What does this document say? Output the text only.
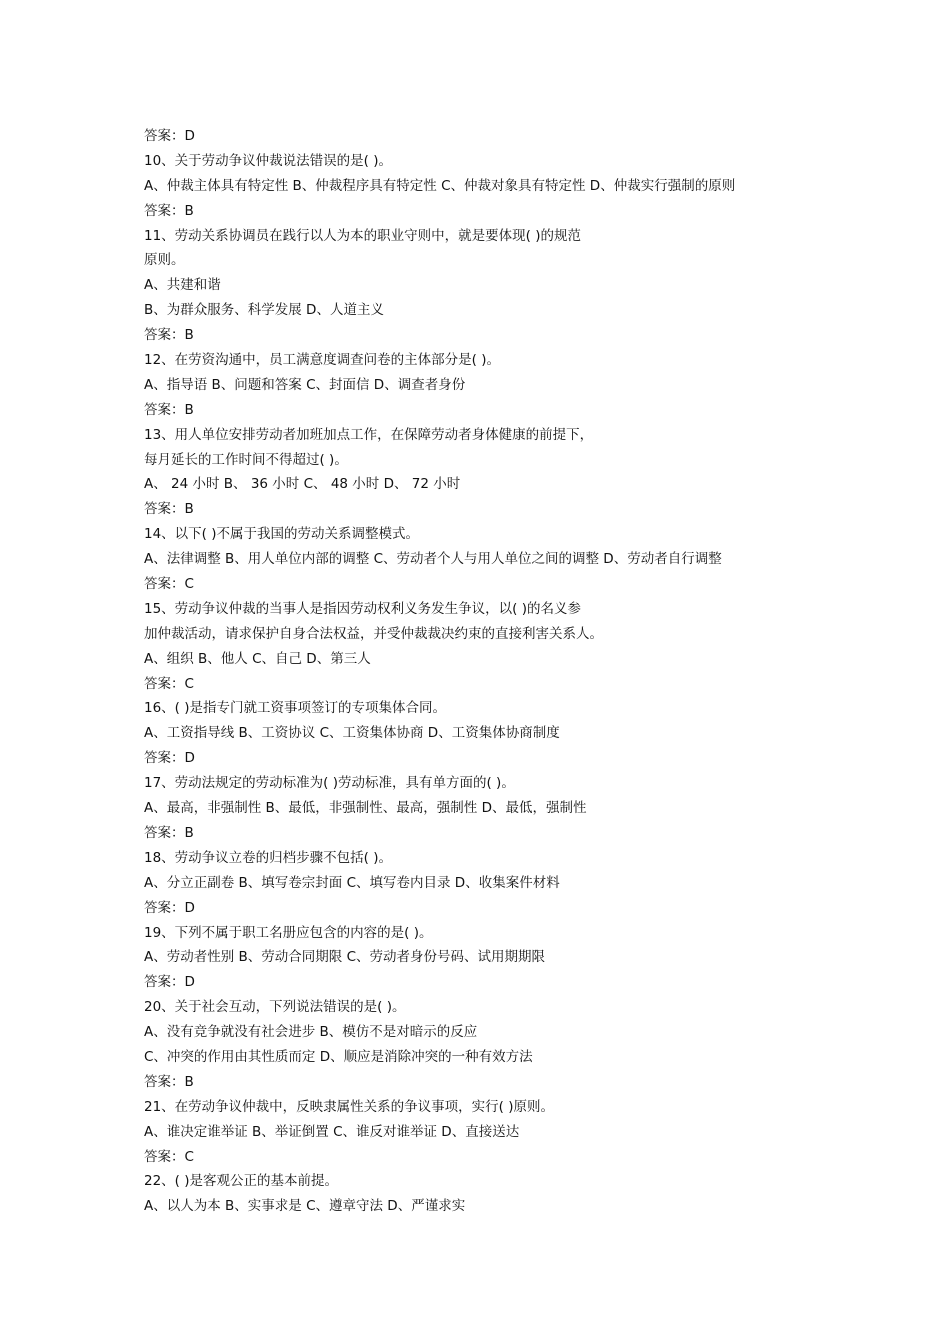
答案：D
10、关于劳动争议仲裁说法错误的是( )。
A、仲裁主体具有特定性 B、仲裁程序具有特定性 C、仲裁对象具有特定性 D、仲裁实行强制的原则
答案：B
11、劳动关系协调员在践行以人为本的职业守则中，就是要体现( )的规范
原则。
A、共建和谐
B、为群众服务、科学发展 D、人道主义
答案：B
12、在劳资沟通中，员工满意度调查问卷的主体部分是( )。
A、指导语 B、问题和答案 C、封面信 D、调查者身份
答案：B
13、用人单位安排劳动者加班加点工作，在保障劳动者身体健康的前提下，
每月延长的工作时间不得超过( )。
A、 24 小时 B、 36 小时 C、 48 小时 D、 72 小时
答案：B
14、以下( )不属于我国的劳动关系调整模式。
A、法律调整 B、用人单位内部的调整 C、劳动者个人与用人单位之间的调整 D、劳动者自行调整
答案：C
15、劳动争议仲裁的当事人是指因劳动权利义务发生争议，以( )的名义参
加仲裁活动，请求保护自身合法权益，并受仲裁裁决约束的直接利害关系人。
A、组织 B、他人 C、自己 D、第三人
答案：C
16、( )是指专门就工资事项签订的专项集体合同。
A、工资指导线 B、工资协议 C、工资集体协商 D、工资集体协商制度
答案：D
17、劳动法规定的劳动标准为( )劳动标准，具有单方面的( )。
A、最高，非强制性 B、最低，非强制性、最高，强制性 D、最低，强制性
答案：B
18、劳动争议立卷的归档步骤不包括( )。
A、分立正副卷 B、填写卷宗封面 C、填写卷内目录 D、收集案件材料
答案：D
19、下列不属于职工名册应包含的内容的是( )。
A、劳动者性别 B、劳动合同期限 C、劳动者身份号码、试用期期限
答案：D
20、关于社会互动，下列说法错误的是( )。
A、没有竞争就没有社会进步 B、模仿不是对暗示的反应
C、冲突的作用由其性质而定 D、顺应是消除冲突的一种有效方法
答案：B
21、在劳动争议仲裁中，反映隶属性关系的争议事项，实行( )原则。
A、谁决定谁举证 B、举证倒置 C、谁反对谁举证 D、直接送达
答案：C
22、( )是客观公正的基本前提。
A、以人为本 B、实事求是 C、遵章守法 D、严谨求实
